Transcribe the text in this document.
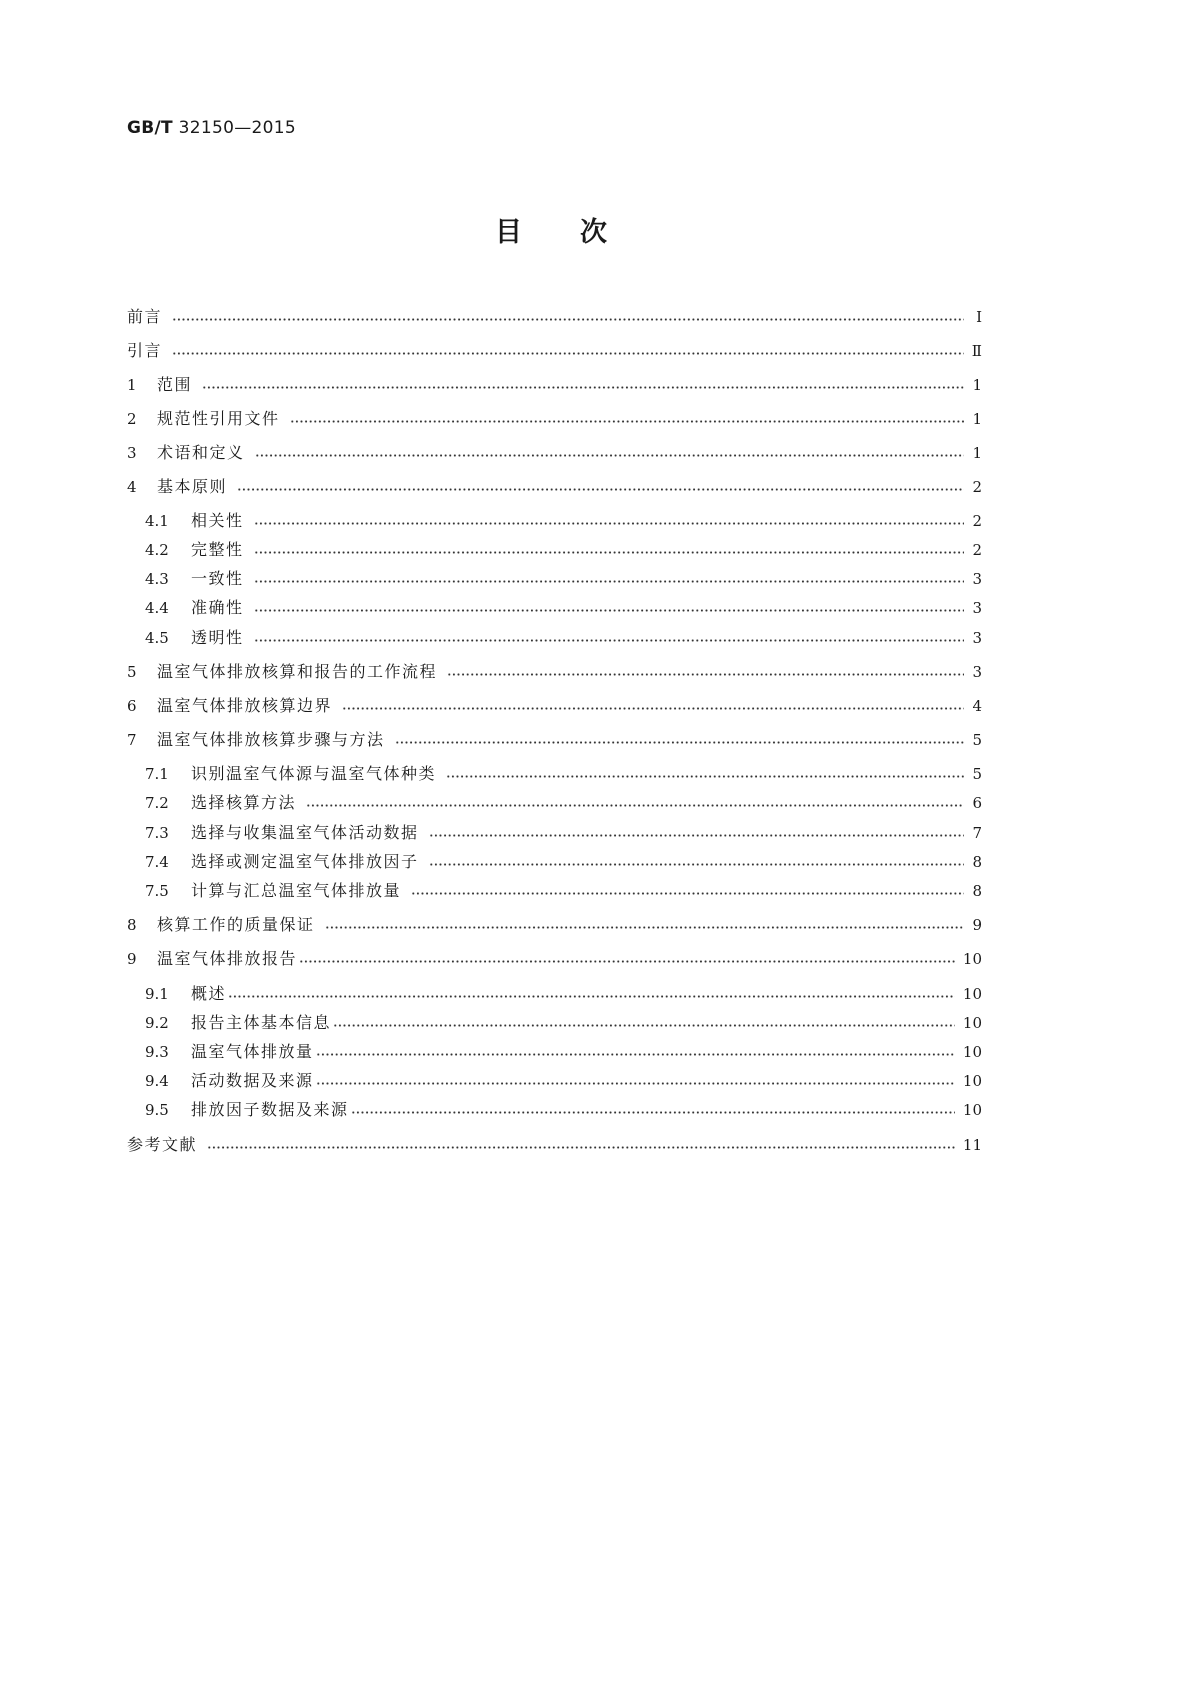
GB/T 32150—2015
目次
前言	Ⅰ
引言	Ⅱ
1	范围	1
2	规范性引用文件	1
3	术语和定义	1
4	基本原则	2
4.1	相关性	2
4.2	完整性	2
4.3	一致性	3
4.4	准确性	3
4.5	透明性	3
5	温室气体排放核算和报告的工作流程	3
6	温室气体排放核算边界	4
7	温室气体排放核算步骤与方法	5
7.1	识别温室气体源与温室气体种类	5
7.2	选择核算方法	6
7.3	选择与收集温室气体活动数据	7
7.4	选择或测定温室气体排放因子	8
7.5	计算与汇总温室气体排放量	8
8	核算工作的质量保证	9
9	温室气体排放报告	10
9.1	概述	10
9.2	报告主体基本信息	10
9.3	温室气体排放量	10
9.4	活动数据及来源	10
9.5	排放因子数据及来源	10
参考文献	11
